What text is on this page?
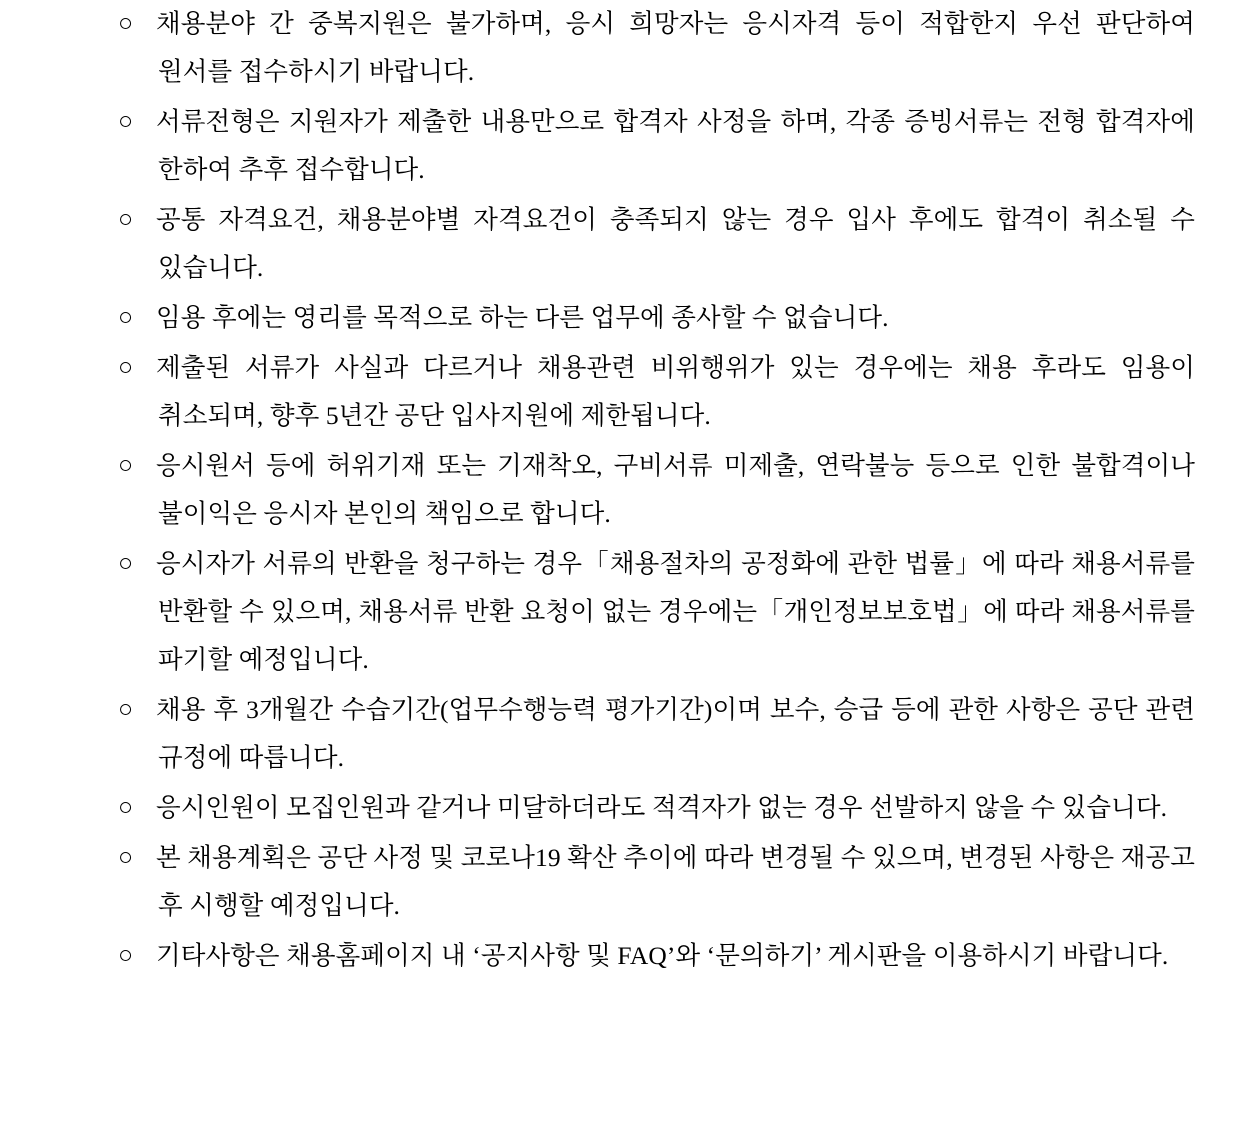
○ 채용분야 간 중복지원은 불가하며, 응시 희망자는 응시자격 등이 적합한지 우선 판단하여 원서를 접수하시기 바랍니다.

○ 서류전형은 지원자가 제출한 내용만으로 합격자 사정을 하며, 각종 증빙서류는 전형 합격자에 한하여 추후 접수합니다.

○ 공통 자격요건, 채용분야별 자격요건이 충족되지 않는 경우 입사 후에도 합격이 취소될 수 있습니다.

○ 임용 후에는 영리를 목적으로 하는 다른 업무에 종사할 수 없습니다.

○ 제출된 서류가 사실과 다르거나 채용관련 비위행위가 있는 경우에는 채용 후라도 임용이 취소되며, 향후 5년간 공단 입사지원에 제한됩니다.

○ 응시원서 등에 허위기재 또는 기재착오, 구비서류 미제출, 연락불능 등으로 인한 불합격이나 불이익은 응시자 본인의 책임으로 합니다.

○ 응시자가 서류의 반환을 청구하는 경우「채용절차의 공정화에 관한 법률」에 따라 채용서류를 반환할 수 있으며, 채용서류 반환 요청이 없는 경우에는「개인정보보호법」에 따라 채용서류를 파기할 예정입니다.

○ 채용 후 3개월간 수습기간(업무수행능력 평가기간)이며 보수, 승급 등에 관한 사항은 공단 관련 규정에 따릅니다.

○ 응시인원이 모집인원과 같거나 미달하더라도 적격자가 없는 경우 선발하지 않을 수 있습니다.

○ 본 채용계획은 공단 사정 및 코로나19 확산 추이에 따라 변경될 수 있으며, 변경된 사항은 재공고 후 시행할 예정입니다.

○ 기타사항은 채용홈페이지 내 ‘공지사항 및 FAQ’와 ‘문의하기’ 게시판을 이용하시기 바랍니다.
